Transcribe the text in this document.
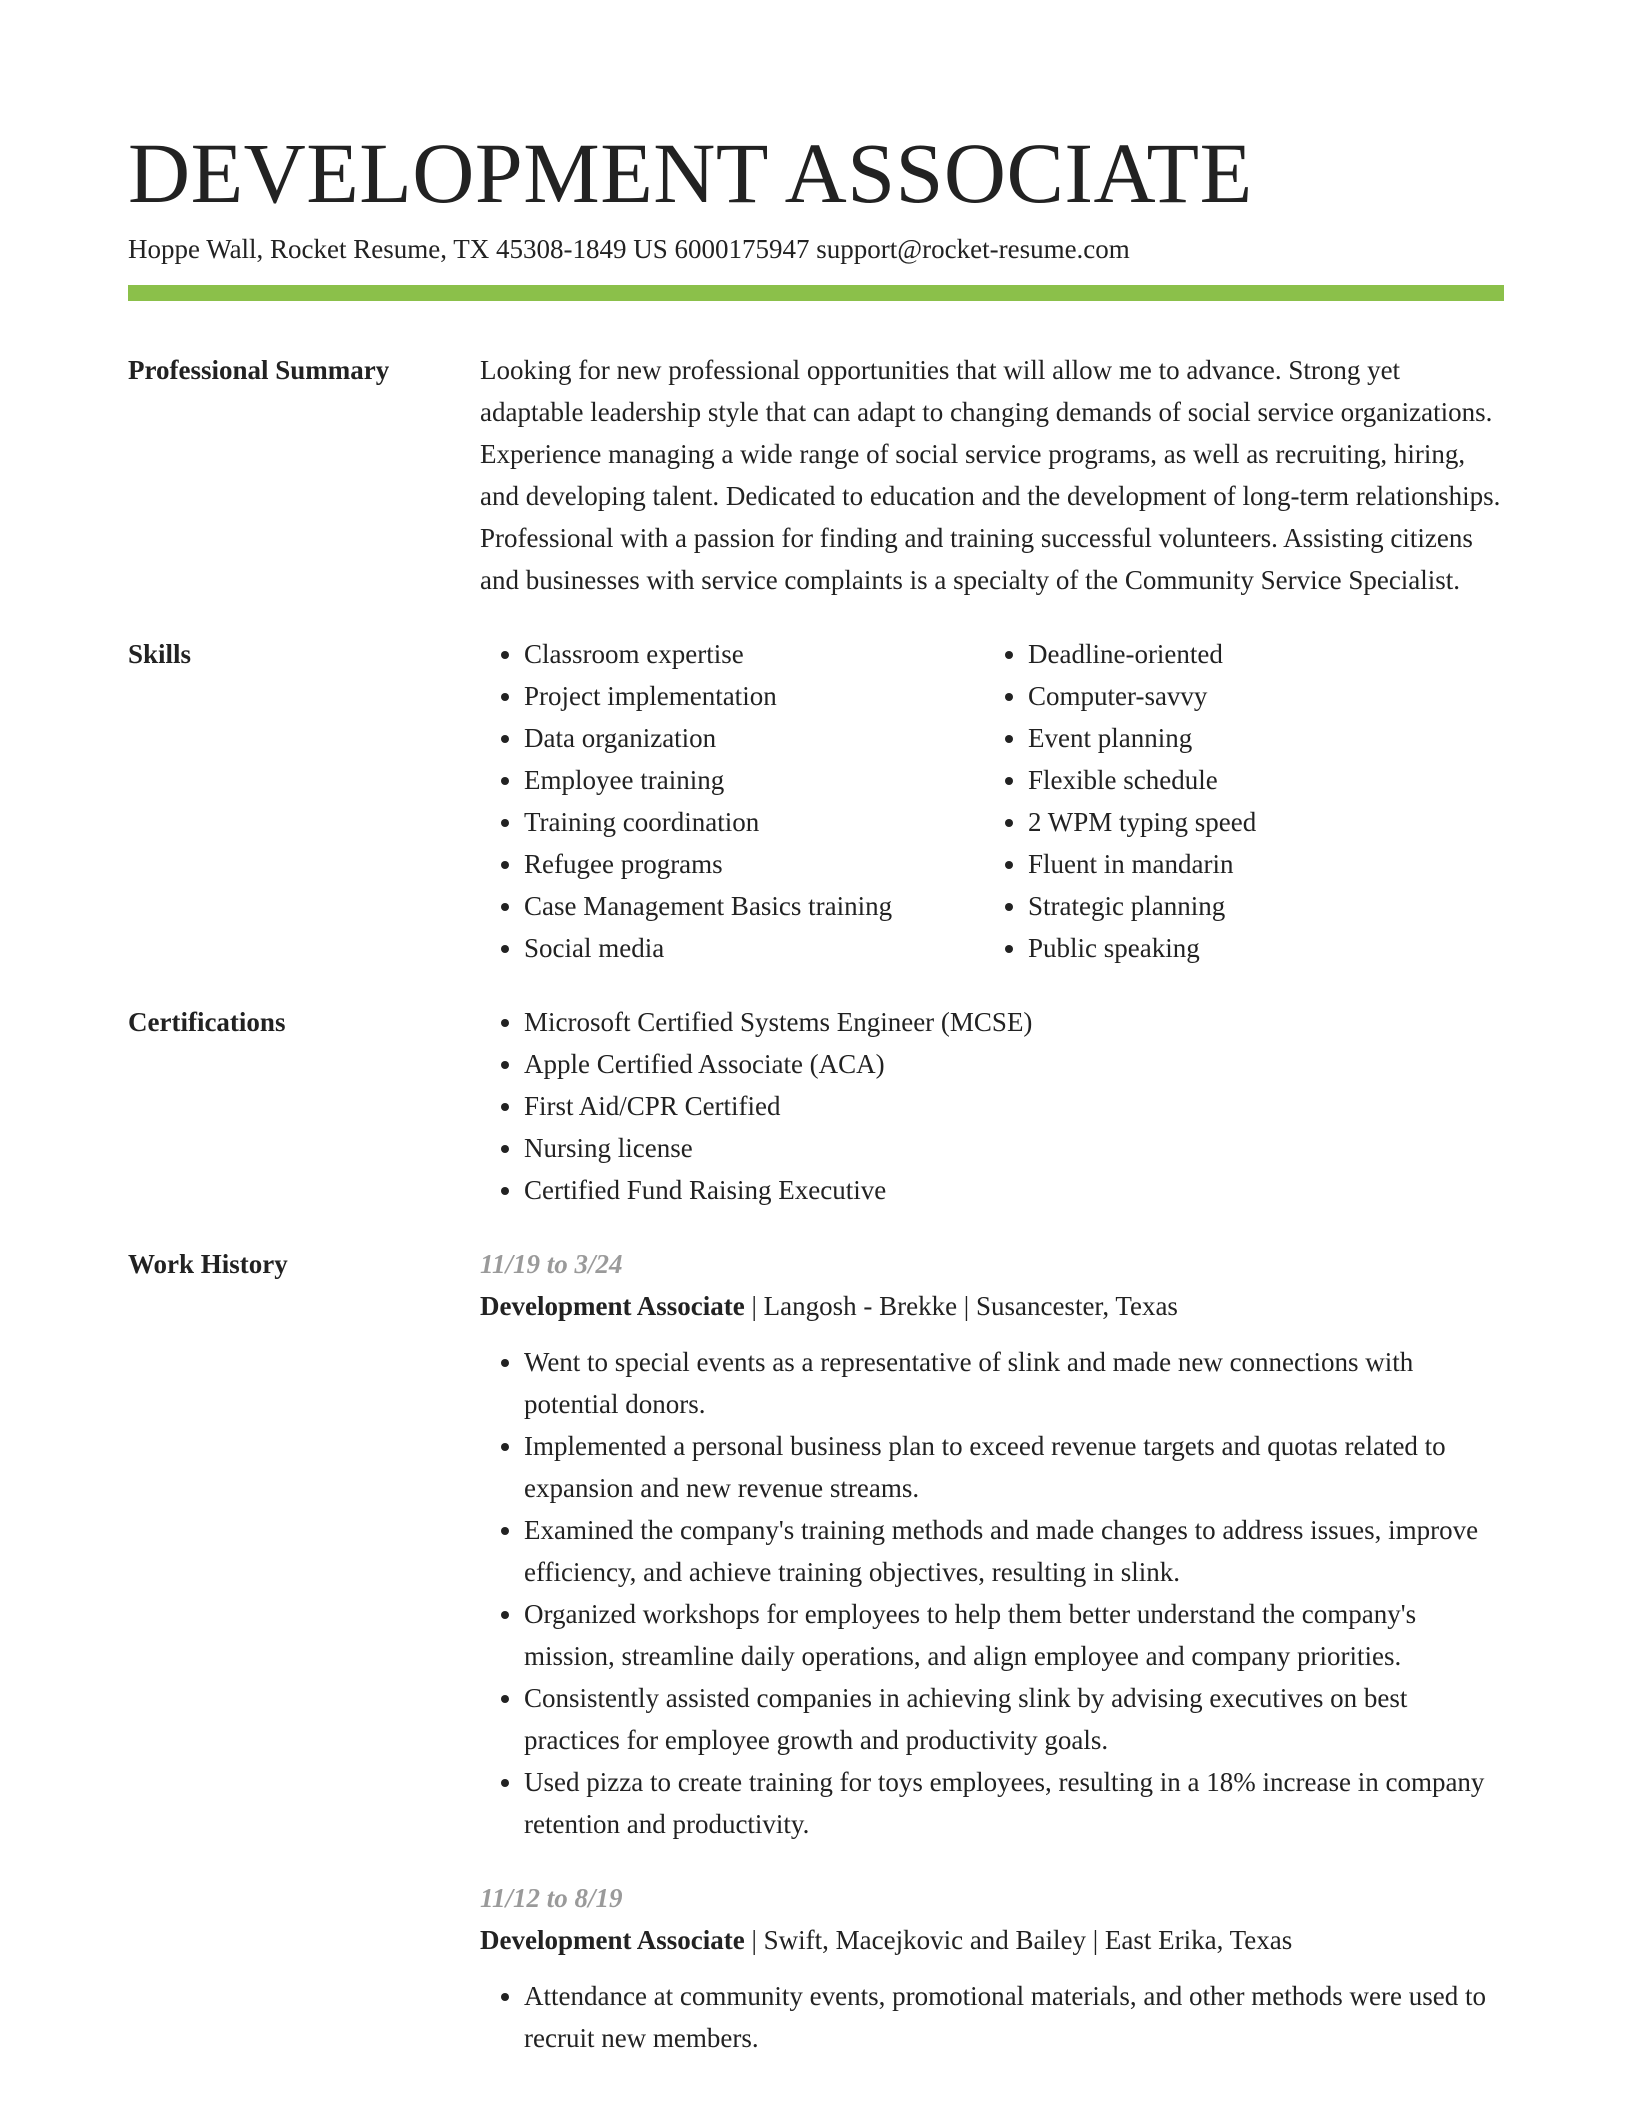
DEVELOPMENT ASSOCIATE
Hoppe Wall, Rocket Resume, TX 45308-1849 US 6000175947 support@rocket-resume.com
Professional Summary	Looking for new professional opportunities that will allow me to advance. Strong yet adaptable leadership style that can adapt to changing demands of social service organizations. Experience managing a wide range of social service programs, as well as recruiting, hiring, and developing talent. Dedicated to education and the development of long-term relationships. Professional with a passion for finding and training successful volunteers. Assisting citizens and businesses with service complaints is a specialty of the Community Service Specialist.

Skills	• Classroom expertise
• Project implementation
• Data organization
• Employee training
• Training coordination
• Refugee programs
• Case Management Basics training
• Social media
• Deadline-oriented
• Computer-savvy
• Event planning
• Flexible schedule
• 2 WPM typing speed
• Fluent in mandarin
• Strategic planning
• Public speaking
Certifications	• Microsoft Certified Systems Engineer (MCSE)
• Apple Certified Associate (ACA)
• First Aid/CPR Certified
• Nursing license
• Certified Fund Raising Executive
Work History	11/19 to 3/24
Development Associate | Langosh - Brekke | Susancester, Texas
• Went to special events as a representative of slink and made new connections with potential donors.
• Implemented a personal business plan to exceed revenue targets and quotas related to expansion and new revenue streams.
• Examined the company's training methods and made changes to address issues, improve efficiency, and achieve training objectives, resulting in slink.
• Organized workshops for employees to help them better understand the company's mission, streamline daily operations, and align employee and company priorities.
• Consistently assisted companies in achieving slink by advising executives on best practices for employee growth and productivity goals.
• Used pizza to create training for toys employees, resulting in a 18% increase in company retention and productivity.
11/12 to 8/19
Development Associate | Swift, Macejkovic and Bailey | East Erika, Texas
• Attendance at community events, promotional materials, and other methods were used to recruit new members.
